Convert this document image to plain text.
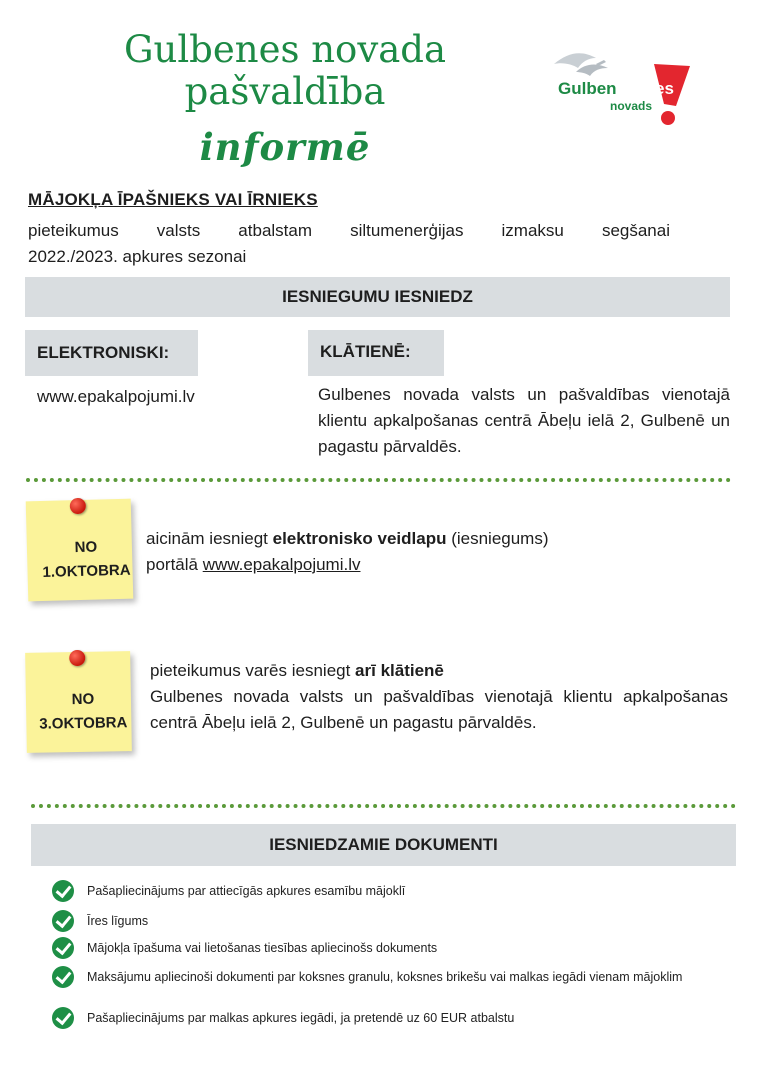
Gulbenes novada
pašvaldība
informē
Gulben es
novads
MĀJOKĻA ĪPAŠNIEKS VAI ĪRNIEKS
pieteikumus valsts atbalstam siltumenerģijas izmaksu segšanai
2022./2023. apkures sezonai
IESNIEGUMU IESNIEDZ
ELEKTRONISKI:	KLĀTIENĒ:
www.epakalpojumi.lv	Gulbenes novada valsts un pašvaldības vienotajā klientu apkalpošanas centrā Ābeļu ielā 2, Gulbenē un pagastu pārvaldēs.
NO
1.OKTOBRA
aicinām iesniegt elektronisko veidlapu (iesniegums)
portālā www.epakalpojumi.lv
NO
3.OKTOBRA
pieteikumus varēs iesniegt arī klātienē
Gulbenes novada valsts un pašvaldības vienotajā klientu apkalpošanas centrā Ābeļu ielā 2, Gulbenē un pagastu pārvaldēs.
IESNIEDZAMIE DOKUMENTI
Pašapliecinājums par attiecīgās apkures esamību mājoklī
Īres līgums
Mājokļa īpašuma vai lietošanas tiesības apliecinošs dokuments
Maksājumu apliecinoši dokumenti par koksnes granulu, koksnes brikešu vai malkas iegādi vienam mājoklim
Pašapliecinājums par malkas apkures iegādi, ja pretendē uz 60 EUR atbalstu
